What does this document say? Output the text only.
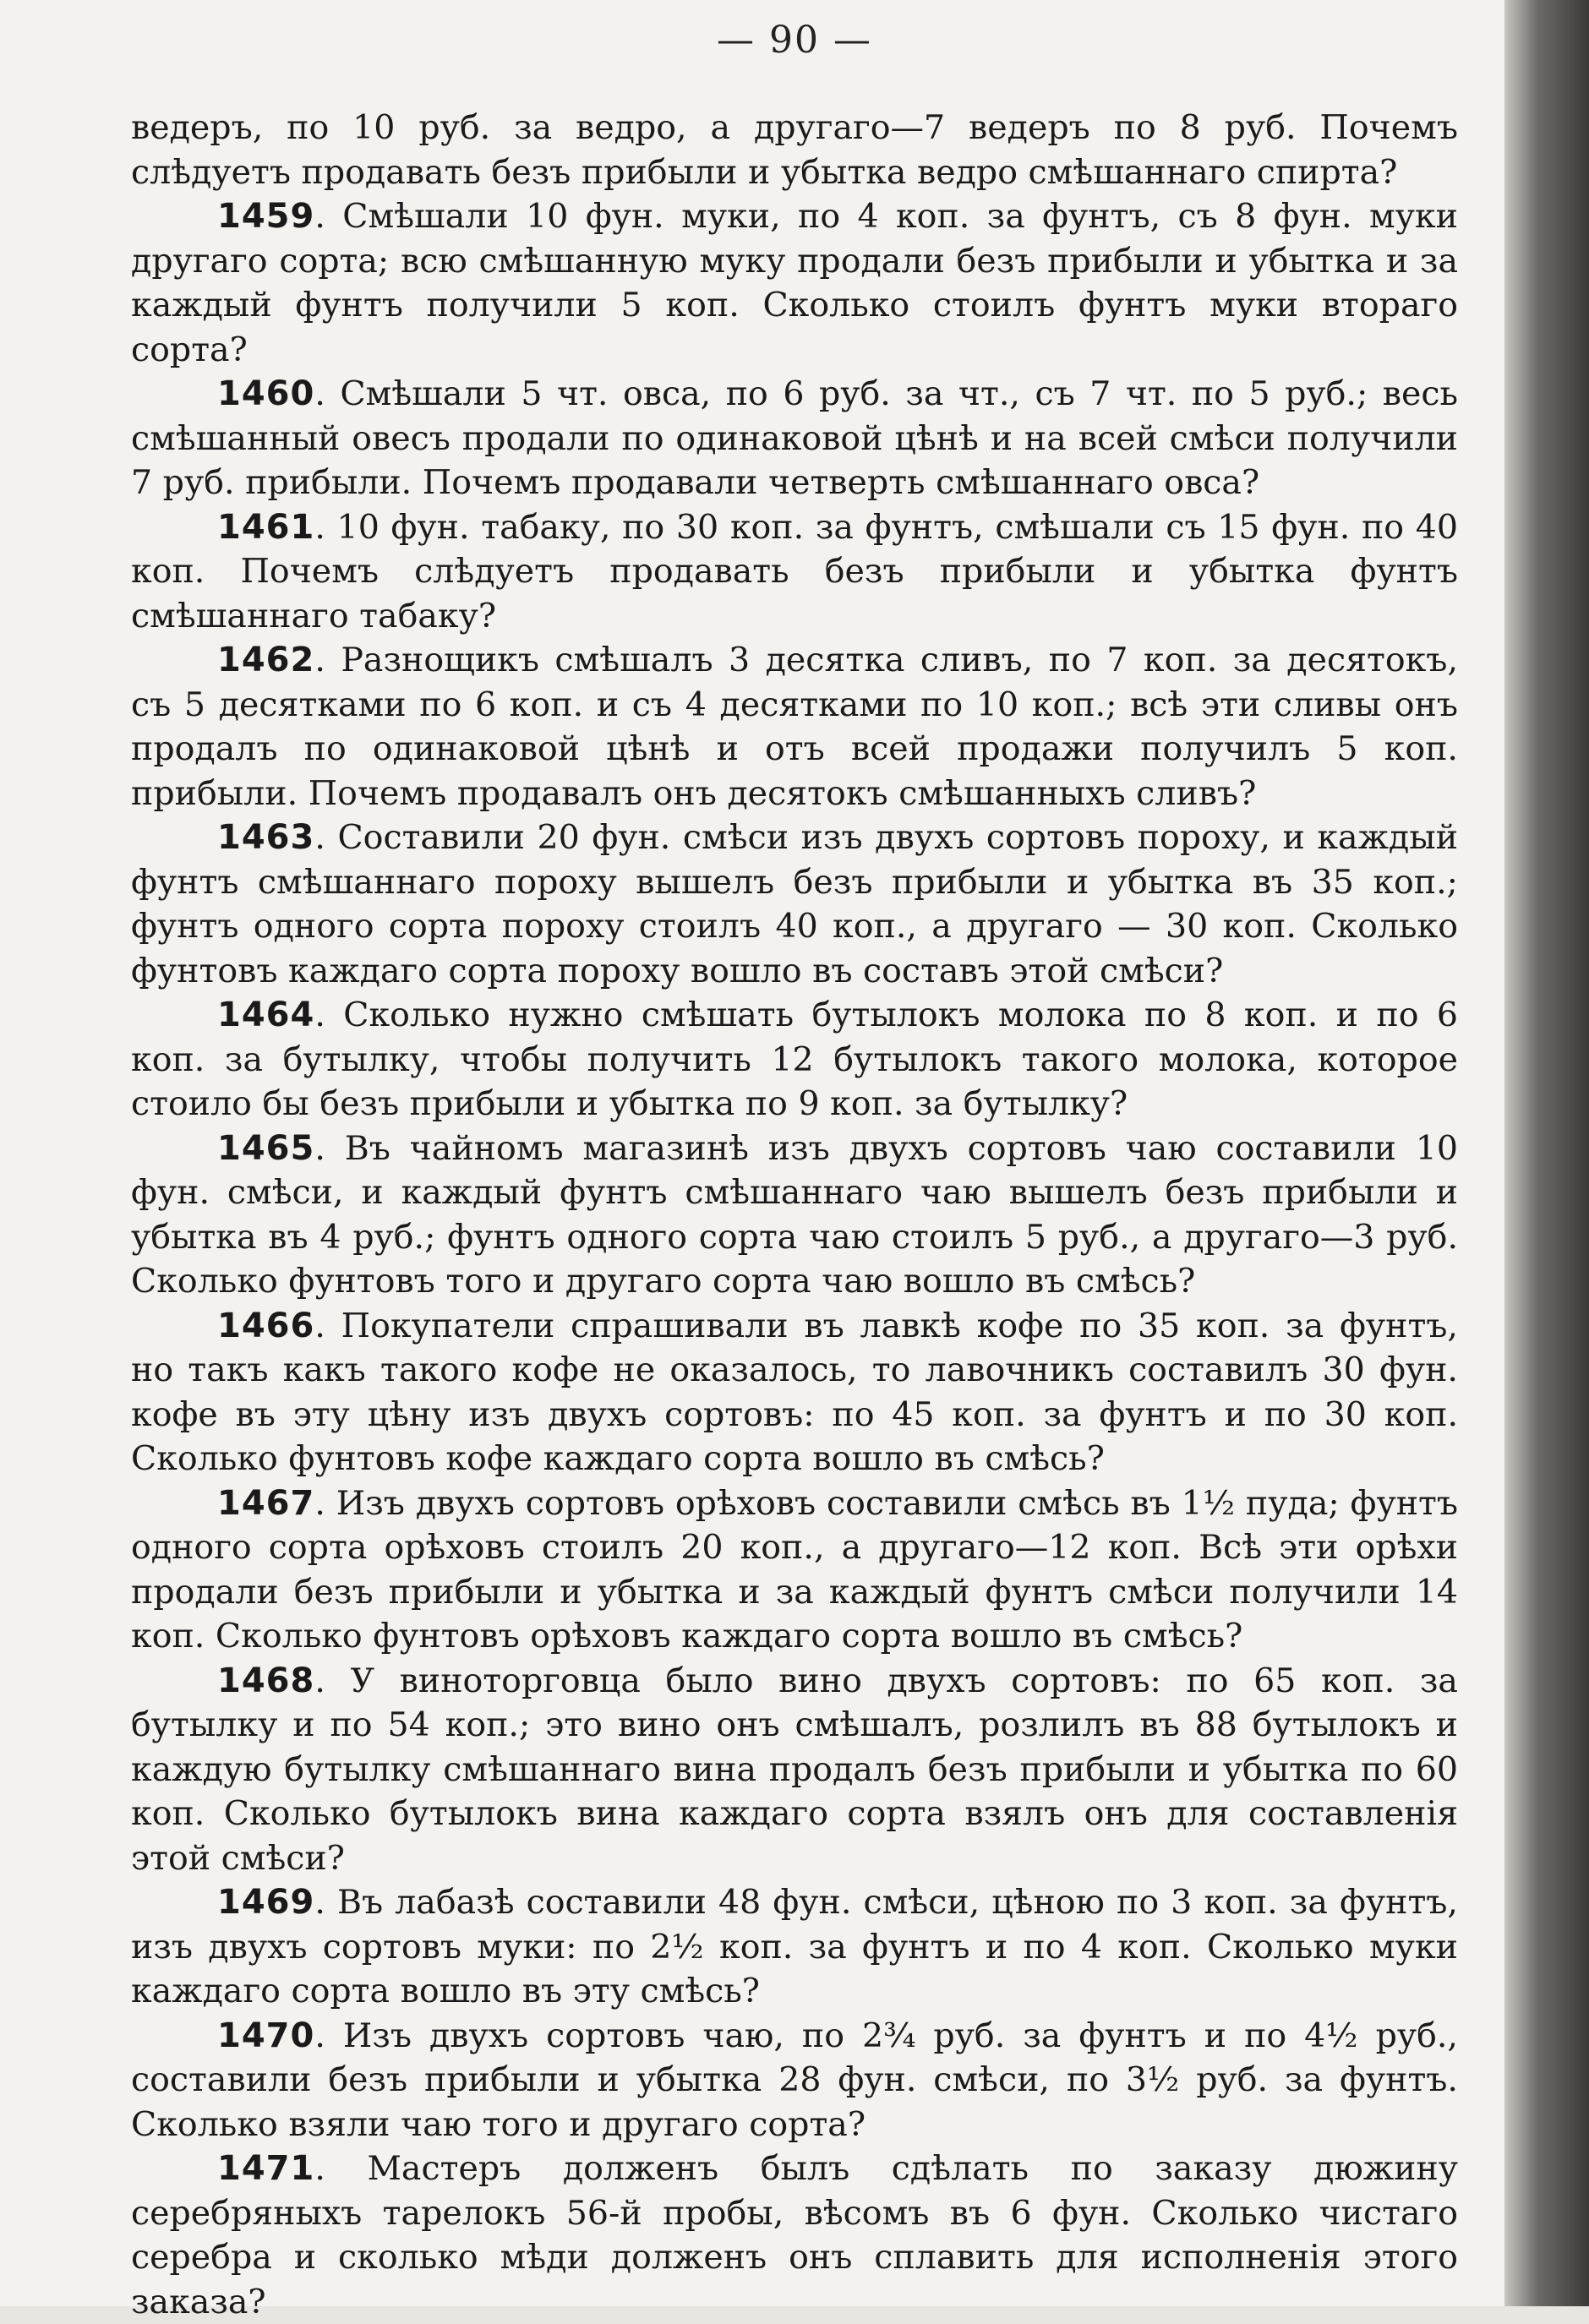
— 90 —

ведеръ, по 10 руб. за ведро, а другаго—7 ведеръ по 8 руб. Почемъ слѣдуетъ продавать безъ прибыли и убытка ведро смѣшаннаго спирта?

1459. Смѣшали 10 фун. муки, по 4 коп. за фунтъ, съ 8 фун. муки другаго сорта; всю смѣшанную муку продали безъ прибыли и убытка и за каждый фунтъ получили 5 коп. Сколько стоилъ фунтъ муки втораго сорта?

1460. Смѣшали 5 чт. овса, по 6 руб. за чт., съ 7 чт. по 5 руб.; весь смѣшанный овесъ продали по одинаковой цѣнѣ и на всей смѣси получили 7 руб. прибыли. Почемъ продавали четверть смѣшаннаго овса?

1461. 10 фун. табаку, по 30 коп. за фунтъ, смѣшали съ 15 фун. по 40 коп. Почемъ слѣдуетъ продавать безъ прибыли и убытка фунтъ смѣшаннаго табаку?

1462. Разнощикъ смѣшалъ 3 десятка сливъ, по 7 коп. за десятокъ, съ 5 десятками по 6 коп. и съ 4 десятками по 10 коп.; всѣ эти сливы онъ продалъ по одинаковой цѣнѣ и отъ всей продажи получилъ 5 коп. прибыли. Почемъ продавалъ онъ десятокъ смѣшанныхъ сливъ?

1463. Составили 20 фун. смѣси изъ двухъ сортовъ пороху, и каждый фунтъ смѣшаннаго пороху вышелъ безъ прибыли и убытка въ 35 коп.; фунтъ одного сорта пороху стоилъ 40 коп., а другаго — 30 коп. Сколько фунтовъ каждаго сорта пороху вошло въ составъ этой смѣси?

1464. Сколько нужно смѣшать бутылокъ молока по 8 коп. и по 6 коп. за бутылку, чтобы получить 12 бутылокъ такого молока, которое стоило бы безъ прибыли и убытка по 9 коп. за бутылку?

1465. Въ чайномъ магазинѣ изъ двухъ сортовъ чаю составили 10 фун. смѣси, и каждый фунтъ смѣшаннаго чаю вышелъ безъ прибыли и убытка въ 4 руб.; фунтъ одного сорта чаю стоилъ 5 руб., а другаго—3 руб. Сколько фунтовъ того и другаго сорта чаю вошло въ смѣсь?

1466. Покупатели спрашивали въ лавкѣ кофе по 35 коп. за фунтъ, но такъ какъ такого кофе не оказалось, то лавочникъ составилъ 30 фун. кофе въ эту цѣну изъ двухъ сортовъ: по 45 коп. за фунтъ и по 30 коп. Сколько фунтовъ кофе каждаго сорта вошло въ смѣсь?

1467. Изъ двухъ сортовъ орѣховъ составили смѣсь въ 1½ пуда; фунтъ одного сорта орѣховъ стоилъ 20 коп., а другаго—12 коп. Всѣ эти орѣхи продали безъ прибыли и убытка и за каждый фунтъ смѣси получили 14 коп. Сколько фунтовъ орѣховъ каждаго сорта вошло въ смѣсь?

1468. У виноторговца было вино двухъ сортовъ: по 65 коп. за бутылку и по 54 коп.; это вино онъ смѣшалъ, розлилъ въ 88 бутылокъ и каждую бутылку смѣшаннаго вина продалъ безъ прибыли и убытка по 60 коп. Сколько бутылокъ вина каждаго сорта взялъ онъ для составленія этой смѣси?

1469. Въ лабазѣ составили 48 фун. смѣси, цѣною по 3 коп. за фунтъ, изъ двухъ сортовъ муки: по 2½ коп. за фунтъ и по 4 коп. Сколько муки каждаго сорта вошло въ эту смѣсь?

1470. Изъ двухъ сортовъ чаю, по 2¾ руб. за фунтъ и по 4½ руб., составили безъ прибыли и убытка 28 фун. смѣси, по 3½ руб. за фунтъ. Сколько взяли чаю того и другаго сорта?

1471. Мастеръ долженъ былъ сдѣлать по заказу дюжину серебряныхъ тарелокъ 56-й пробы, вѣсомъ въ 6 фун. Сколько чистаго серебра и сколько мѣди долженъ онъ сплавить для исполненія этого заказа?
